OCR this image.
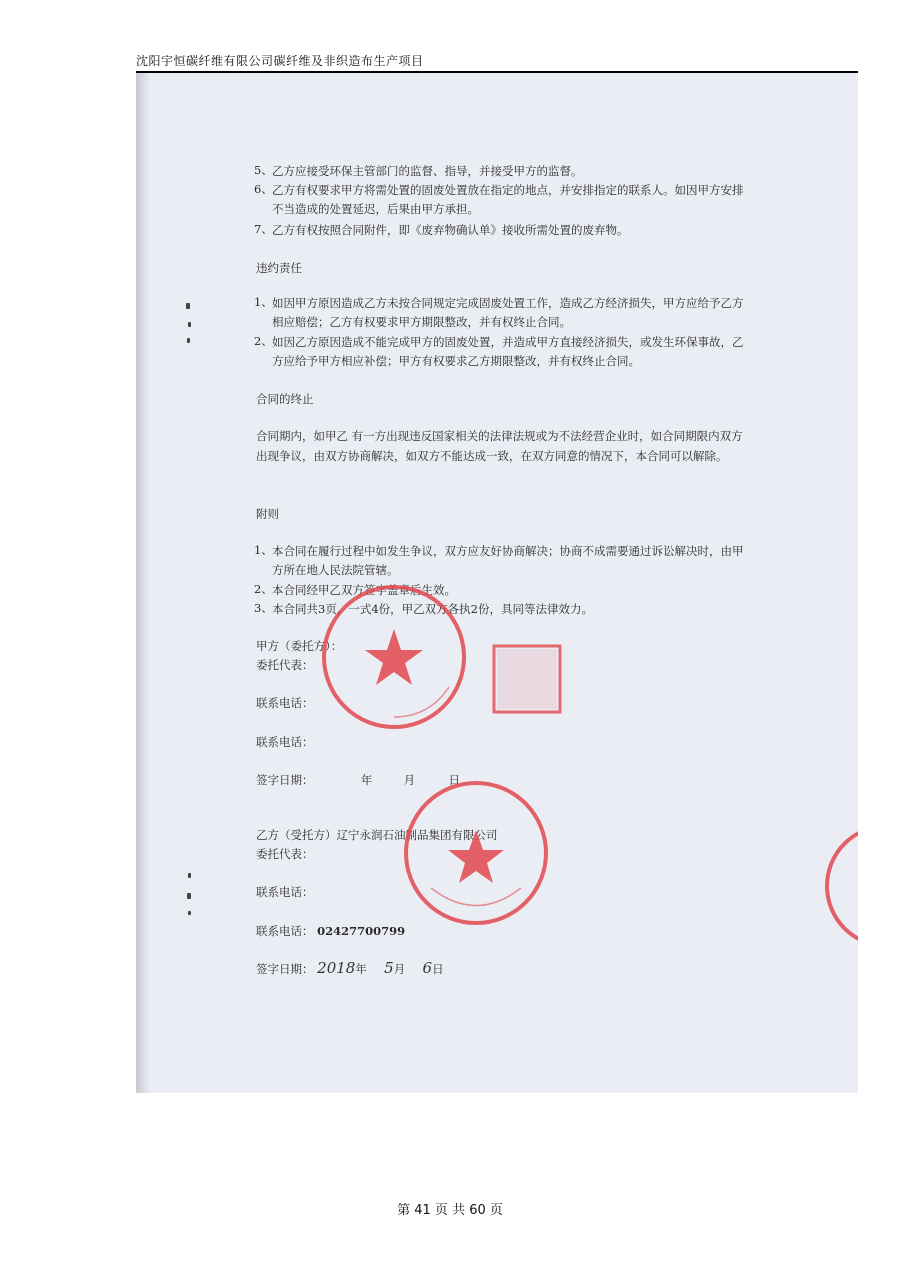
沈阳宇恒碳纤维有限公司碳纤维及非织造布生产项目
5、 乙方应接受环保主管部门的监督、指导，并接受甲方的监督。
6、 乙方有权要求甲方将需处置的固废处置放在指定的地点，并安排指定的联系人。如因甲方安排不当造成的处置延迟，后果由甲方承担。
7、 乙方有权按照合同附件，即《废弃物确认单》接收所需处置的废弃物。
违约责任
1、 如因甲方原因造成乙方未按合同规定完成固废处置工作，造成乙方经济损失，甲方应给予乙方相应赔偿；乙方有权要求甲方期限整改，并有权终止合同。
2、 如因乙方原因造成不能完成甲方的固废处置，并造成甲方直接经济损失，或发生环保事故，乙方应给予甲方相应补偿；甲方有权要求乙方期限整改，并有权终止合同。
合同的终止
合同期内，如甲乙 有一方出现违反国家相关的法律法规或为不法经营企业时，如合同期限内双方出现争议，由双方协商解决，如双方不能达成一致，在双方同意的情况下，本合同可以解除。
附则
1、 本合同在履行过程中如发生争议，双方应友好协商解决；协商不成需要通过诉讼解决时，由甲方所在地人民法院管辖。
2、 本合同经甲乙双方签字盖章后生效。
3、 本合同共3页，一式4份，甲乙双方各执2份，具同等法律效力。
甲方（委托方）：
委托代表：
联系电话：
联系电话：
签字日期：	年	月	日
乙方（受托方）辽宁永润石油制品集团有限公司
委托代表：
联系电话：
联系电话： 02427700799
签字日期： 2018年 5月 6日
第 41 页 共 60 页
